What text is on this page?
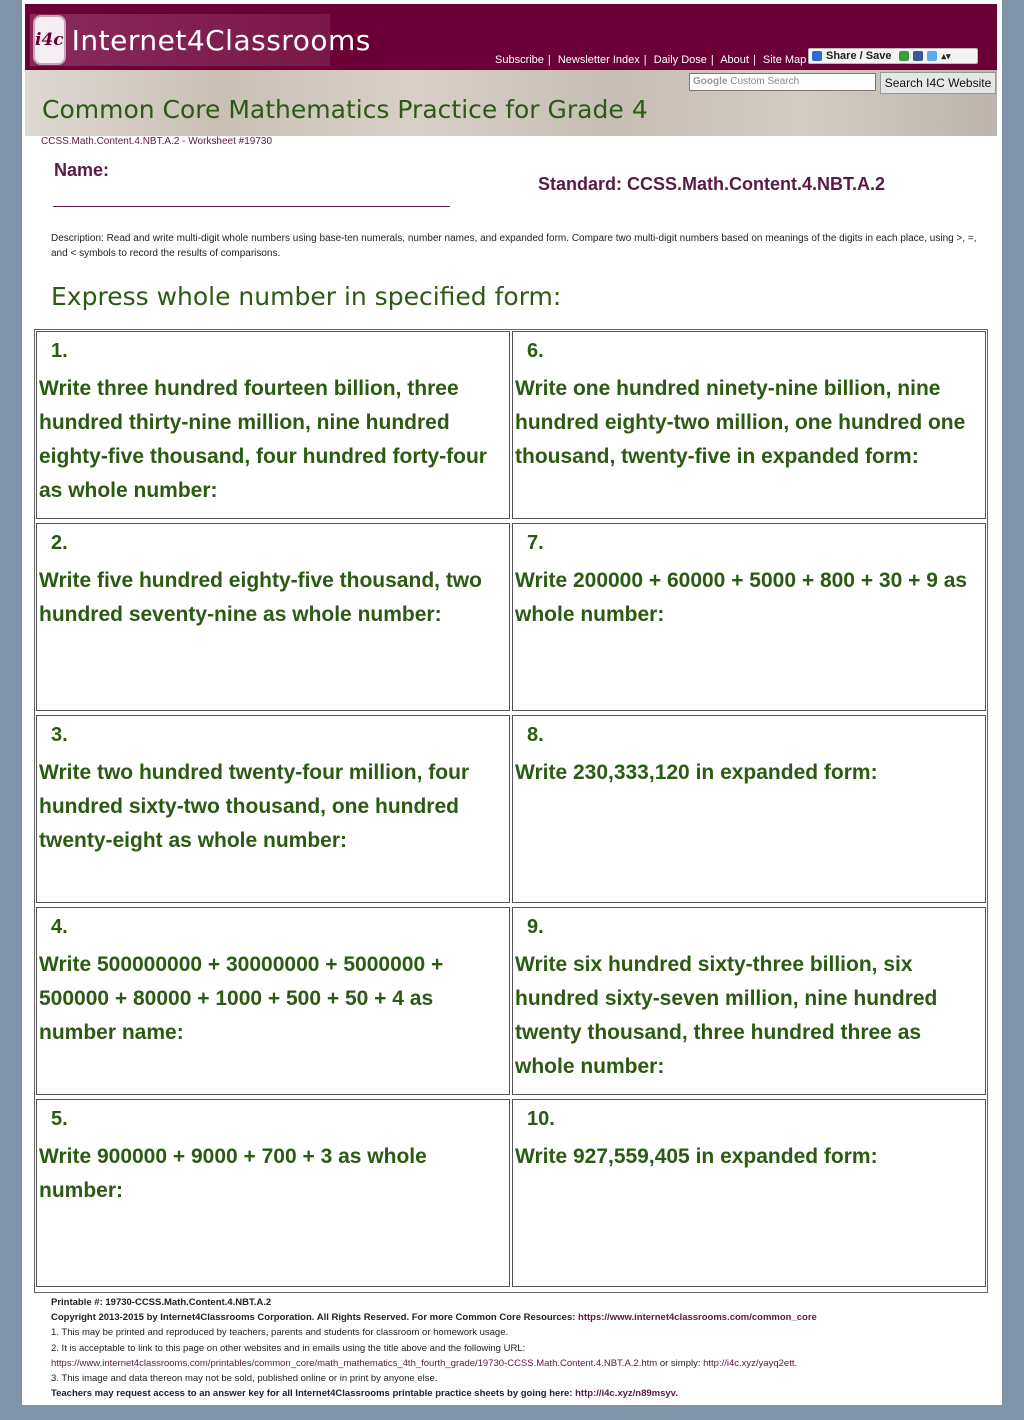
i4c Internet4Classrooms
Subscribe | Newsletter Index | Daily Dose | About | Site Map Share / Save	▴▾
Google Custom Search	Search I4C Website
Common Core Mathematics Practice for Grade 4
CCSS.Math.Content.4.NBT.A.2 - Worksheet #19730
Name:
Standard: CCSS.Math.Content.4.NBT.A.2
Description: Read and write multi-digit whole numbers using base-ten numerals, number names, and expanded form. Compare two multi-digit numbers based on meanings of the digits in each place, using >, =, and < symbols to record the results of comparisons.
Express whole number in specified form:
1.
Write three hundred fourteen billion, three hundred thirty-nine million, nine hundred eighty-five thousand, four hundred forty-four as whole number:
2.
Write five hundred eighty-five thousand, two hundred seventy-nine as whole number:
3.
Write two hundred twenty-four million, four hundred sixty-two thousand, one hundred twenty-eight as whole number:
4.
Write 500000000 + 30000000 + 5000000 + 500000 + 80000 + 1000 + 500 + 50 + 4 as number name:
5.
Write 900000 + 9000 + 700 + 3 as whole number:
6.
Write one hundred ninety-nine billion, nine hundred eighty-two million, one hundred one thousand, twenty-five in expanded form:
7.
Write 200000 + 60000 + 5000 + 800 + 30 + 9 as whole number:
8.
Write 230,333,120 in expanded form:
9.
Write six hundred sixty-three billion, six hundred sixty-seven million, nine hundred twenty thousand, three hundred three as whole number:
10.
Write 927,559,405 in expanded form:
Printable #: 19730-CCSS.Math.Content.4.NBT.A.2
Copyright 2013-2015 by Internet4Classrooms Corporation. All Rights Reserved. For more Common Core Resources: https://www.internet4classrooms.com/common_core
1. This may be printed and reproduced by teachers, parents and students for classroom or homework usage.
2. It is acceptable to link to this page on other websites and in emails using the title above and the following URL:
https://www.internet4classrooms.com/printables/common_core/math_mathematics_4th_fourth_grade/19730-CCSS.Math.Content.4.NBT.A.2.htm or simply: http://i4c.xyz/yayq2ett.
3. This image and data thereon may not be sold, published online or in print by anyone else.
Teachers may request access to an answer key for all Internet4Classrooms printable practice sheets by going here: http://i4c.xyz/n89msyv.
